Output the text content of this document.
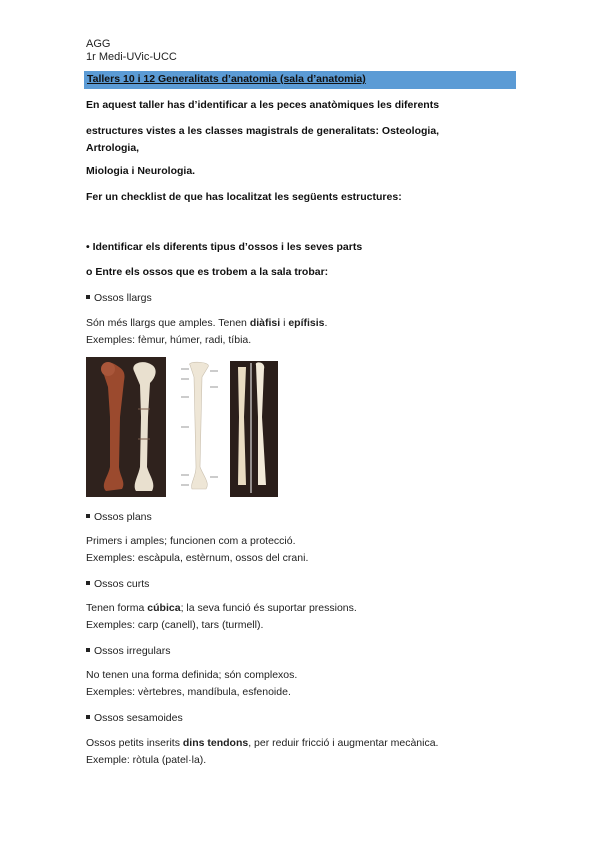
AGG
1r Medi-UVic-UCC
Tallers 10 i 12 Generalitats d’anatomia (sala d’anatomia)
En aquest taller has d’identificar a les peces anatòmiques les diferents
estructures vistes a les classes magistrals de generalitats: Osteologia,
Artrologia,
Miologia i Neurologia.
Fer un checklist de que has localitzat les següents estructures:
• Identificar els diferents tipus d’ossos i les seves parts
o Entre els ossos que es trobem a la sala trobar:
Ossos llargs
Són més llargs que amples. Tenen diàfisi i epífisis.
Exemples: fèmur, húmer, radi, tíbia.
Ossos plans
Primers i amples; funcionen com a protecció.
Exemples: escàpula, estèrnum, ossos del crani.
Ossos curts
Tenen forma cúbica; la seva funció és suportar pressions.
Exemples: carp (canell), tars (turmell).
Ossos irregulars
No tenen una forma definida; són complexos.
Exemples: vèrtebres, mandíbula, esfenoide.
Ossos sesamoides
Ossos petits inserits dins tendons, per reduir fricció i augmentar mecànica.
Exemple: ròtula (patel·la).
